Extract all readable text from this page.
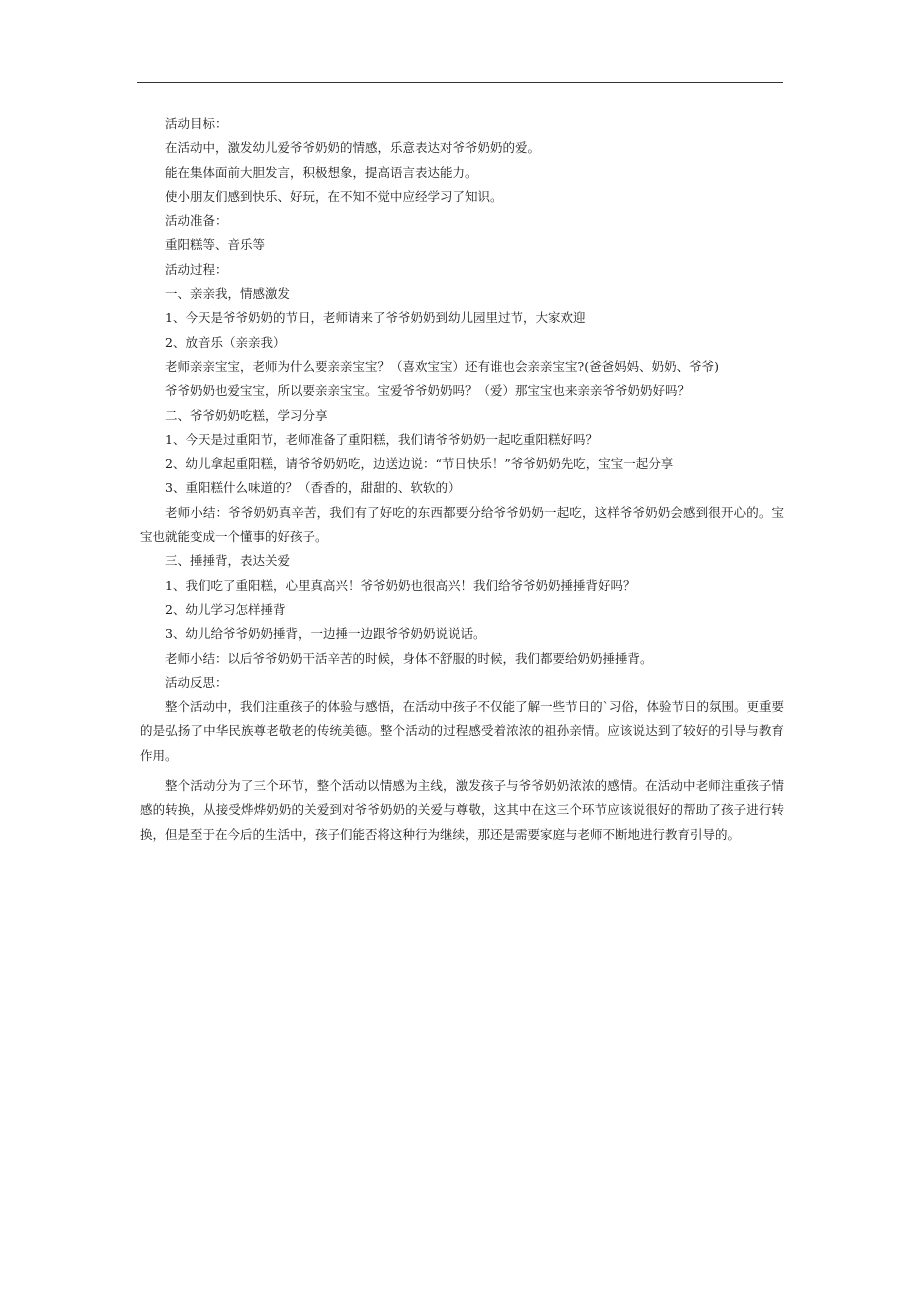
活动目标：

在活动中，激发幼儿爱爷爷奶奶的情感，乐意表达对爷爷奶奶的爱。

能在集体面前大胆发言，积极想象，提高语言表达能力。

使小朋友们感到快乐、好玩，在不知不觉中应经学习了知识。

活动准备：

重阳糕等、音乐等

活动过程：

一、亲亲我，情感激发

1、今天是爷爷奶奶的节日，老师请来了爷爷奶奶到幼儿园里过节，大家欢迎

2、放音乐（亲亲我）

老师亲亲宝宝，老师为什么要亲亲宝宝？（喜欢宝宝）还有谁也会亲亲宝宝?(爸爸妈妈、奶奶、爷爷)

爷爷奶奶也爱宝宝，所以要亲亲宝宝。宝爱爷爷奶奶吗？（爱）那宝宝也来亲亲爷爷奶奶好吗？

二、爷爷奶奶吃糕，学习分享

1、今天是过重阳节，老师准备了重阳糕，我们请爷爷奶奶一起吃重阳糕好吗？

2、幼儿拿起重阳糕，请爷爷奶奶吃，边送边说：“节日快乐！”爷爷奶奶先吃，宝宝一起分享

3、重阳糕什么味道的？（香香的，甜甜的、软软的）

老师小结：爷爷奶奶真辛苦，我们有了好吃的东西都要分给爷爷奶奶一起吃，这样爷爷奶奶会感到很开心的。宝宝也就能变成一个懂事的好孩子。

三、捶捶背，表达关爱

1、我们吃了重阳糕，心里真高兴！爷爷奶奶也很高兴！我们给爷爷奶奶捶捶背好吗？

2、幼儿学习怎样捶背

3、幼儿给爷爷奶奶捶背，一边捶一边跟爷爷奶奶说说话。

老师小结：以后爷爷奶奶干活辛苦的时候，身体不舒服的时候，我们都要给奶奶捶捶背。

活动反思：

整个活动中，我们注重孩子的体验与感悟，在活动中孩子不仅能了解一些节日的`习俗，体验节日的氛围。更重要的是弘扬了中华民族尊老敬老的传统美德。整个活动的过程感受着浓浓的祖孙亲情。应该说达到了较好的引导与教育作用。

整个活动分为了三个环节，整个活动以情感为主线，激发孩子与爷爷奶奶浓浓的感情。在活动中老师注重孩子情感的转换，从接受烨烨奶奶的关爱到对爷爷奶奶的关爱与尊敬，这其中在这三个环节应该说很好的帮助了孩子进行转换，但是至于在今后的生活中，孩子们能否将这种行为继续，那还是需要家庭与老师不断地进行教育引导的。
